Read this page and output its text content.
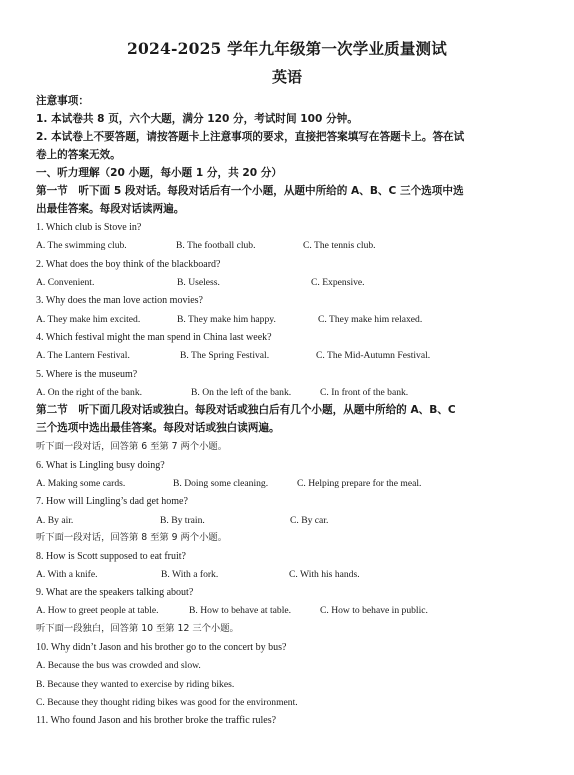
2024-2025 学年九年级第一次学业质量测试
英语
注意事项：
1. 本试卷共 8 页，六个大题，满分 120 分，考试时间 100 分钟。
2. 本试卷上不要答题，请按答题卡上注意事项的要求，直接把答案填写在答题卡上。答在试
卷上的答案无效。
一、听力理解（20 小题，每小题 1 分，共 20 分）
第一节　听下面 5 段对话。每段对话后有一个小题，从题中所给的 A、B、C 三个选项中选
出最佳答案。每段对话读两遍。
1. Which club is Stove in?
A. The swimming club.	B. The football club.	C. The tennis club.
2. What does the boy think of the blackboard?
A. Convenient.	B. Useless.	C. Expensive.
3. Why does the man love action movies?
A. They make him excited.	B. They make him happy.	C. They make him relaxed.
4. Which festival might the man spend in China last week?
A. The Lantern Festival.	B. The Spring Festival.	C. The Mid-Autumn Festival.
5. Where is the museum?
A. On the right of the bank.	B. On the left of the bank.	C. In front of the bank.
第二节　听下面几段对话或独白。每段对话或独白后有几个小题，从题中所给的 A、B、C
三个选项中选出最佳答案。每段对话或独白读两遍。
听下面一段对话，回答第 6 至第 7 两个小题。
6. What is Lingling busy doing?
A. Making some cards.	B. Doing some cleaning.	C. Helping prepare for the meal.
7. How will Lingling’s dad get home?
A. By air.	B. By train.	C. By car.
听下面一段对话，回答第 8 至第 9 两个小题。
8. How is Scott supposed to eat fruit?
A. With a knife.	B. With a fork.	C. With his hands.
9. What are the speakers talking about?
A. How to greet people at table.	B. How to behave at table.	C. How to behave in public.
听下面一段独白，回答第 10 至第 12 三个小题。
10. Why didn’t Jason and his brother go to the concert by bus?
A. Because the bus was crowded and slow.
B. Because they wanted to exercise by riding bikes.
C. Because they thought riding bikes was good for the environment.
11. Who found Jason and his brother broke the traffic rules?
